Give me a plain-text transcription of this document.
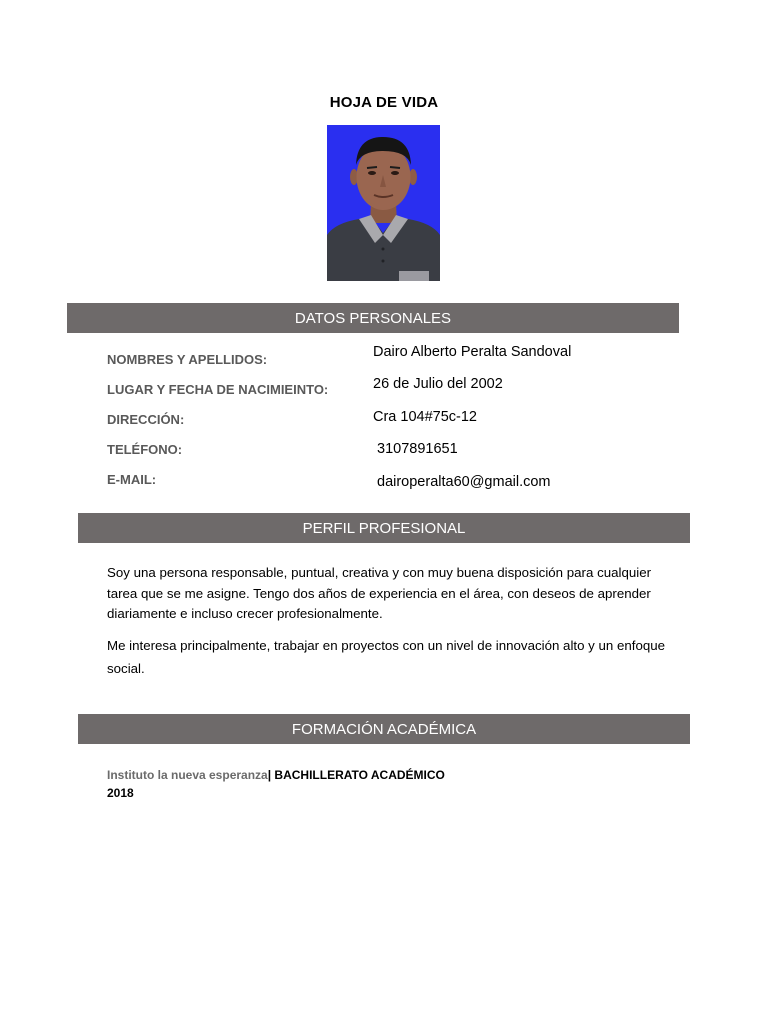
HOJA DE VIDA
DATOS PERSONALES
NOMBRES Y APELLIDOS:	Dairo Alberto Peralta Sandoval
LUGAR Y FECHA DE NACIMIEINTO:	26 de Julio del 2002
DIRECCIÓN:	Cra 104#75c-12
TELÉFONO:	3107891651
E-MAIL:	dairoperalta60@gmail.com
PERFIL PROFESIONAL
Soy una persona responsable, puntual, creativa y con muy buena disposición para cualquier tarea que se me asigne. Tengo dos años de experiencia en el área, con deseos de aprender diariamente e incluso crecer profesionalmente.
Me interesa principalmente, trabajar en proyectos con un nivel de innovación alto y un enfoque social.
FORMACIÓN ACADÉMICA
Instituto la nueva esperanza| BACHILLERATO ACADÉMICO
2018
